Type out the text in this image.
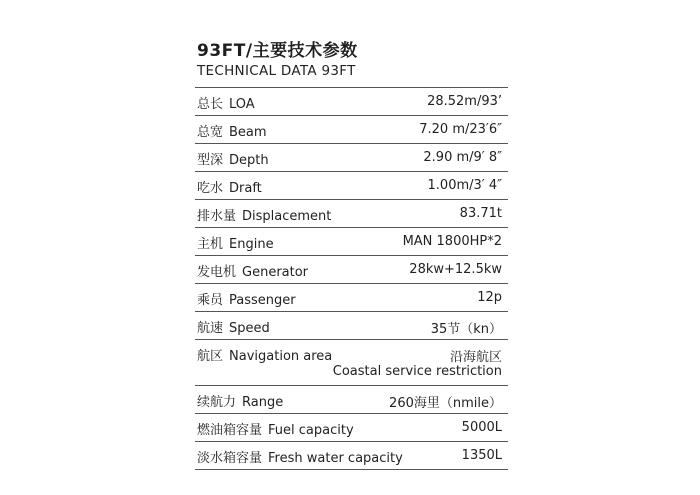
93FT/主要技术参数
TECHNICAL DATA 93FT
总长 LOA	28.52m/93’
总宽 Beam	7.20 m/23′6″
型深 Depth	2.90 m/9′ 8″
吃水 Draft	1.00m/3′ 4″
排水量 Displacement	83.71t
主机 Engine	MAN 1800HP*2
发电机 Generator	28kw+12.5kw
乘员 Passenger	12p
航速 Speed	35节（kn）
航区 Navigation area	沿海航区
Coastal service restriction
续航力 Range	260海里（nmile）
燃油箱容量 Fuel capacity	5000L
淡水箱容量 Fresh water capacity	1350L
